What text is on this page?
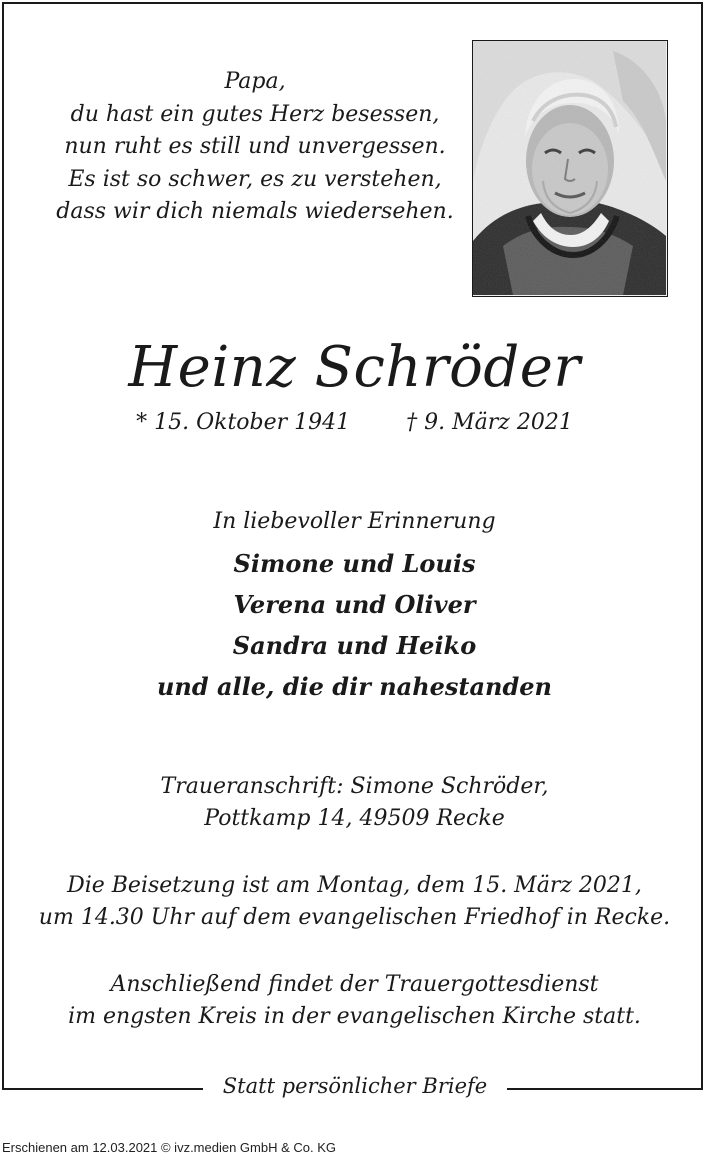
Papa,
du hast ein gutes Herz besessen,
nun ruht es still und unvergessen.
Es ist so schwer, es zu verstehen,
dass wir dich niemals wiedersehen.
Heinz Schröder
* 15. Oktober 1941	† 9. März 2021
In liebevoller Erinnerung
Simone und Louis
Verena und Oliver
Sandra und Heiko
und alle, die dir nahestanden
Traueranschrift: Simone Schröder,
Pottkamp 14, 49509 Recke
Die Beisetzung ist am Montag, dem 15. März 2021,
um 14.30 Uhr auf dem evangelischen Friedhof in Recke.
Anschließend findet der Trauergottesdienst
im engsten Kreis in der evangelischen Kirche statt.
Statt persönlicher Briefe
Erschienen am 12.03.2021 © ivz.medien GmbH & Co. KG
